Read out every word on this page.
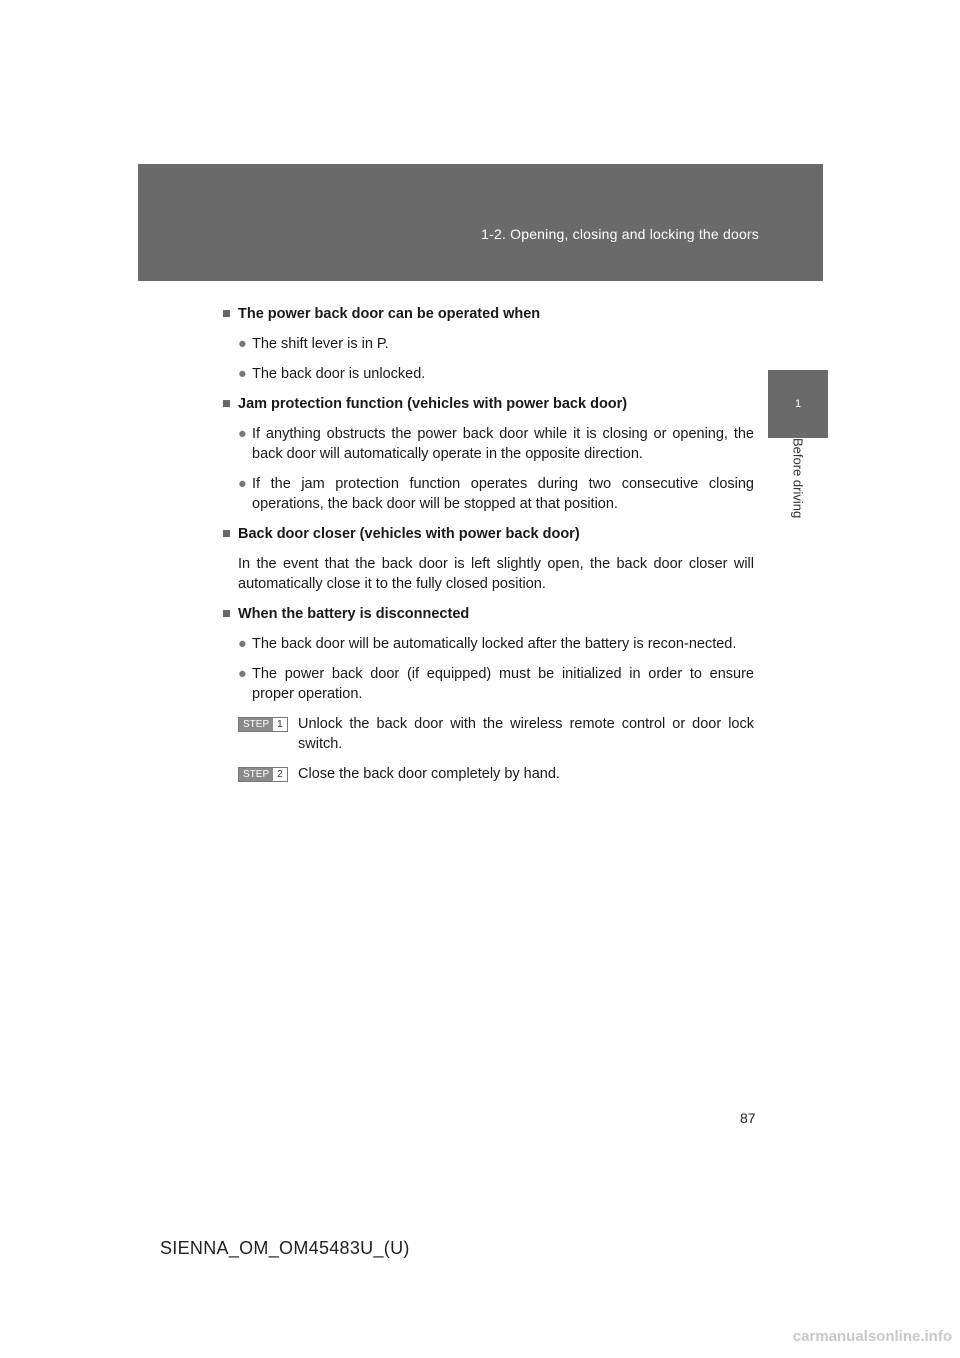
1-2. Opening, closing and locking the doors
1
Before driving
■ The power back door can be operated when
● The shift lever is in P.
● The back door is unlocked.
■ Jam protection function (vehicles with power back door)
● If anything obstructs the power back door while it is closing or opening, the back door will automatically operate in the opposite direction.
● If the jam protection function operates during two consecutive closing operations, the back door will be stopped at that position.
■ Back door closer (vehicles with power back door)
In the event that the back door is left slightly open, the back door closer will automatically close it to the fully closed position.
■ When the battery is disconnected
● The back door will be automatically locked after the battery is recon-nected.
● The power back door (if equipped) must be initialized in order to ensure proper operation.
STEP 1 Unlock the back door with the wireless remote control or door lock switch.
STEP 2 Close the back door completely by hand.
87
SIENNA_OM_OM45483U_(U)
carmanualsonline.info
